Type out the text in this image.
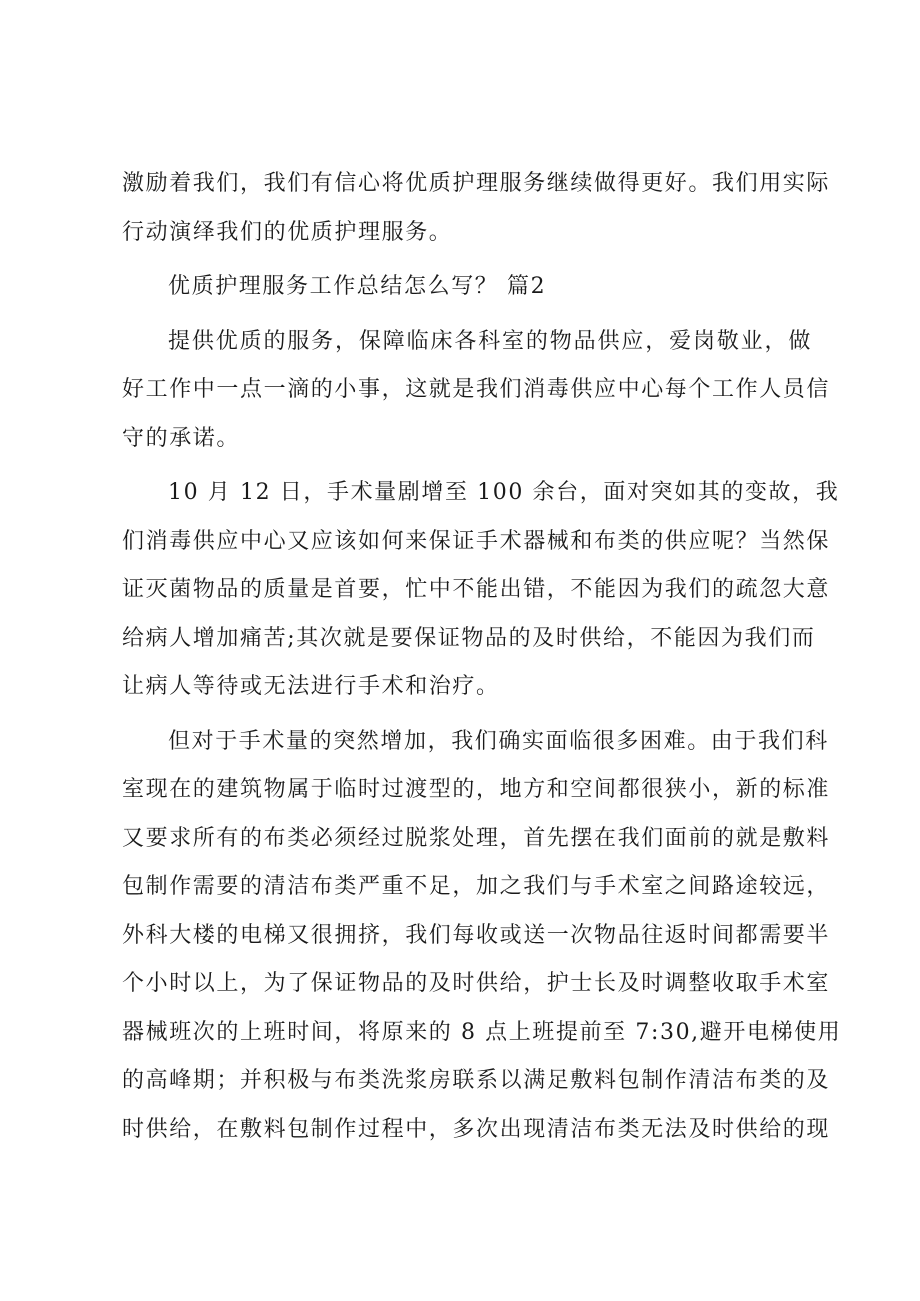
激励着我们，我们有信心将优质护理服务继续做得更好。我们用实际
行动演绎我们的优质护理服务。
优质护理服务工作总结怎么写？ 篇2
提供优质的服务，保障临床各科室的物品供应，爱岗敬业，做
好工作中一点一滴的小事，这就是我们消毒供应中心每个工作人员信
守的承诺。
10 月 12 日，手术量剧增至 100 余台，面对突如其的变故，我
们消毒供应中心又应该如何来保证手术器械和布类的供应呢？当然保
证灭菌物品的质量是首要，忙中不能出错，不能因为我们的疏忽大意
给病人增加痛苦;其次就是要保证物品的及时供给，不能因为我们而
让病人等待或无法进行手术和治疗。
但对于手术量的突然增加，我们确实面临很多困难。由于我们科
室现在的建筑物属于临时过渡型的，地方和空间都很狭小，新的标准
又要求所有的布类必须经过脱浆处理，首先摆在我们面前的就是敷料
包制作需要的清洁布类严重不足，加之我们与手术室之间路途较远，
外科大楼的电梯又很拥挤，我们每收或送一次物品往返时间都需要半
个小时以上，为了保证物品的及时供给，护士长及时调整收取手术室
器械班次的上班时间，将原来的 8 点上班提前至 7:30,避开电梯使用
的高峰期；并积极与布类洗浆房联系以满足敷料包制作清洁布类的及
时供给，在敷料包制作过程中，多次出现清洁布类无法及时供给的现
